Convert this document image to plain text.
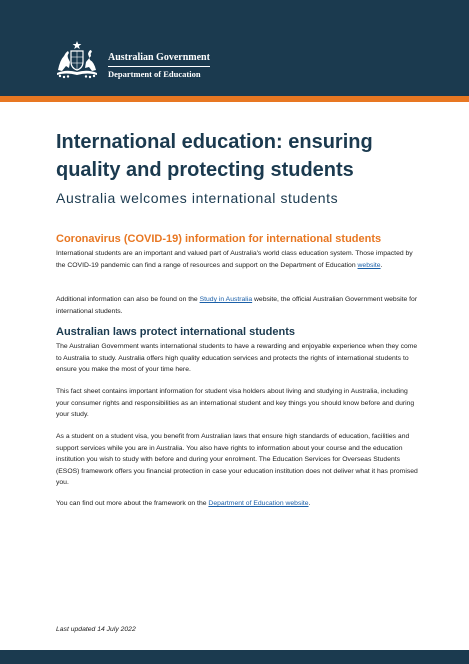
Australian Government
Department of Education
International education: ensuring quality and protecting students
Australia welcomes international students
Coronavirus (COVID-19) information for international students

International students are an important and valued part of Australia's world class education system. Those impacted by the COVID-19 pandemic can find a range of resources and support on the Department of Education website.

Additional information can also be found on the Study in Australia website, the official Australian Government website for international students.

Australian laws protect international students

The Australian Government wants international students to have a rewarding and enjoyable experience when they come to Australia to study. Australia offers high quality education services and protects the rights of international students to ensure you make the most of your time here.

This fact sheet contains important information for student visa holders about living and studying in Australia, including your consumer rights and responsibilities as an international student and key things you should know before and during your study.

As a student on a student visa, you benefit from Australian laws that ensure high standards of education, facilities and support services while you are in Australia. You also have rights to information about your course and the education institution you wish to study with before and during your enrolment. The Education Services for Overseas Students (ESOS) framework offers you financial protection in case your education institution does not deliver what it has promised you.

You can find out more about the framework on the Department of Education website.

Last updated 14 July 2022
